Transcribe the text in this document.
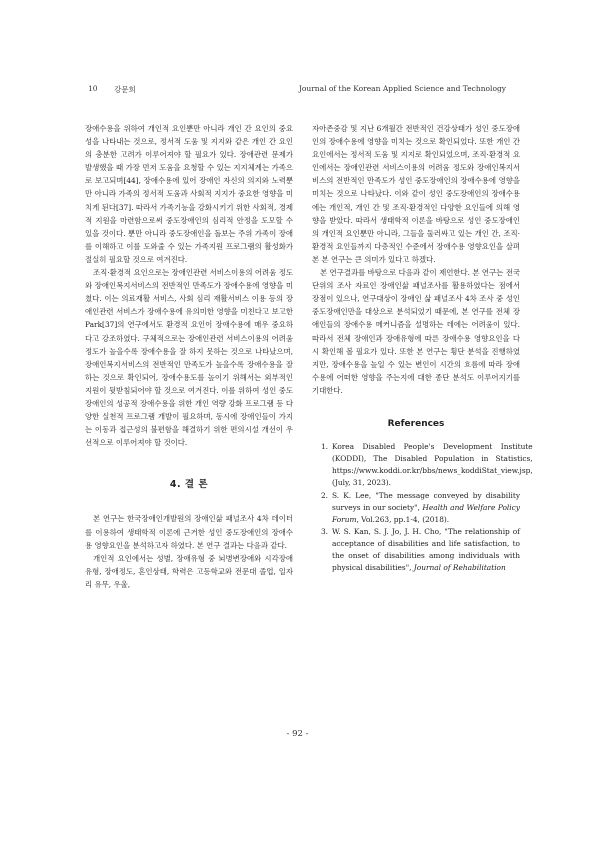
10 강문희	Journal of the Korean Applied Science and Technology

장애수용을 위하여 개인적 요인뿐만 아니라 개인 간 요인의 중요성을 나타내는 것으로, 정서적 도움 및 지지와 같은 개인 간 요인의 충분한 고려가 이루어져야 할 필요가 있다. 장애관련 문제가 발생했을 때 가장 먼저 도움을 요청할 수 있는 지지체계는 가족으로 보고되며[44], 장애수용에 있어 장애인 자신의 의지와 노력뿐만 아니라 가족의 정서적 도움과 사회적 지지가 중요한 영향을 미치게 된다[37]. 따라서 가족기능을 강화시키기 위한 사회적, 경제적 지원을 마련함으로써 중도장애인의 심리적 안정을 도모할 수 있을 것이다. 뿐만 아니라 중도장애인을 돌보는 주위 가족이 장애를 이해하고 이를 도와줄 수 있는 가족지원 프로그램의 활성화가 절실히 필요할 것으로 여겨진다.

조직·환경적 요인으로는 장애인관련 서비스이용의 어려움 정도와 장애인복지서비스의 전반적인 만족도가 장애수용에 영향을 미쳤다. 이는 의료재활 서비스, 사회 심리 재활서비스 이용 등의 장애인관련 서비스가 장애수용에 유의미한 영향을 미친다고 보고한 Park[37]의 연구에서도 환경적 요인이 장애수용에 매우 중요하다고 강조하였다. 구체적으로는 장애인관련 서비스이용의 어려움 정도가 높을수록 장애수용을 잘 하지 못하는 것으로 나타났으며, 장애인복지서비스의 전반적인 만족도가 높을수록 장애수용을 잘 하는 것으로 확인되어, 장애수용도를 높이기 위해서는 외부적인 지원이 뒷받침되어야 할 것으로 여겨진다. 이를 위하여 성인 중도장애인의 성공적 장애수용을 위한 개인 역량 강화 프로그램 등 다양한 실천적 프로그램 개발이 필요하며, 동시에 장애인들이 가지는 이동과 접근성의 불편함을 해결하기 위한 편의시설 개선이 우선적으로 이루어져야 할 것이다.

4. 결 론

본 연구는 한국장애인개발원의 장애인삶 패널조사 4차 데이터를 이용하여 생태학적 이론에 근거한 성인 중도장애인의 장애수용 영향요인을 분석하고자 하였다. 본 연구 결과는 다음과 같다.

개인적 요인에서는 성별, 장애유형 중 뇌병변장애와 시각장애유형, 장애정도, 혼인상태, 학력은 고등학교와 전문대 졸업, 일자리 유무, 우울,

자아존중감 및 지난 6개월간 전반적인 건강상태가 성인 중도장애인의 장애수용에 영향을 미치는 것으로 확인되었다. 또한 개인 간 요인에서는 정서적 도움 및 지지로 확인되었으며, 조직·환경적 요인에서는 장애인관련 서비스이용의 어려움 정도와 장애인복지서비스의 전반적인 만족도가 성인 중도장애인의 장애수용에 영향을 미치는 것으로 나타났다. 이와 같이 성인 중도장애인의 장애수용에는 개인적, 개인 간 및 조직·환경적인 다양한 요인들에 의해 영향을 받았다. 따라서 생태학적 이론을 바탕으로 성인 중도장애인의 개인적 요인뿐만 아니라, 그들을 둘러싸고 있는 개인 간, 조직·환경적 요인들까지 다층적인 수준에서 장애수용 영향요인을 살펴본 본 연구는 큰 의미가 있다고 하겠다.

본 연구결과를 바탕으로 다음과 같이 제언한다. 본 연구는 전국 단위의 조사 자료인 장애인삶 패널조사를 활용하였다는 점에서 장점이 있으나, 연구대상이 장애인 삶 패널조사 4차 조사 중 성인 중도장애인만을 대상으로 분석되었기 때문에, 본 연구를 전체 장애인들의 장애수용 메커니즘을 설명하는 데에는 어려움이 있다. 따라서 전체 장애인과 장애유형에 따른 장애수용 영향요인을 다시 확인해 볼 필요가 있다. 또한 본 연구는 횡단 분석을 진행하였지만, 장애수용을 높일 수 있는 변인이 시간의 흐름에 따라 장애수용에 어떠한 영향을 주는지에 대한 종단 분석도 이루어지기를 기대한다.

References
1. Korea Disabled People's Development Institute (KODDI), The Disabled Population in Statistics, https://www.koddi.or.kr/bbs/news_koddiStat_view.jsp, (July, 31, 2023).
2. S. K. Lee, "The message conveyed by disability surveys in our society", Health and Welfare Policy Forum, Vol.263, pp.1-4, (2018).
3. W. S. Kan, S. J. Jo, J. H. Cho, "The relationship of acceptance of disabilities and life satisfaction, to the onset of disabilities among individuals with physical disabilities", Journal of Rehabilitation
- 92 -
